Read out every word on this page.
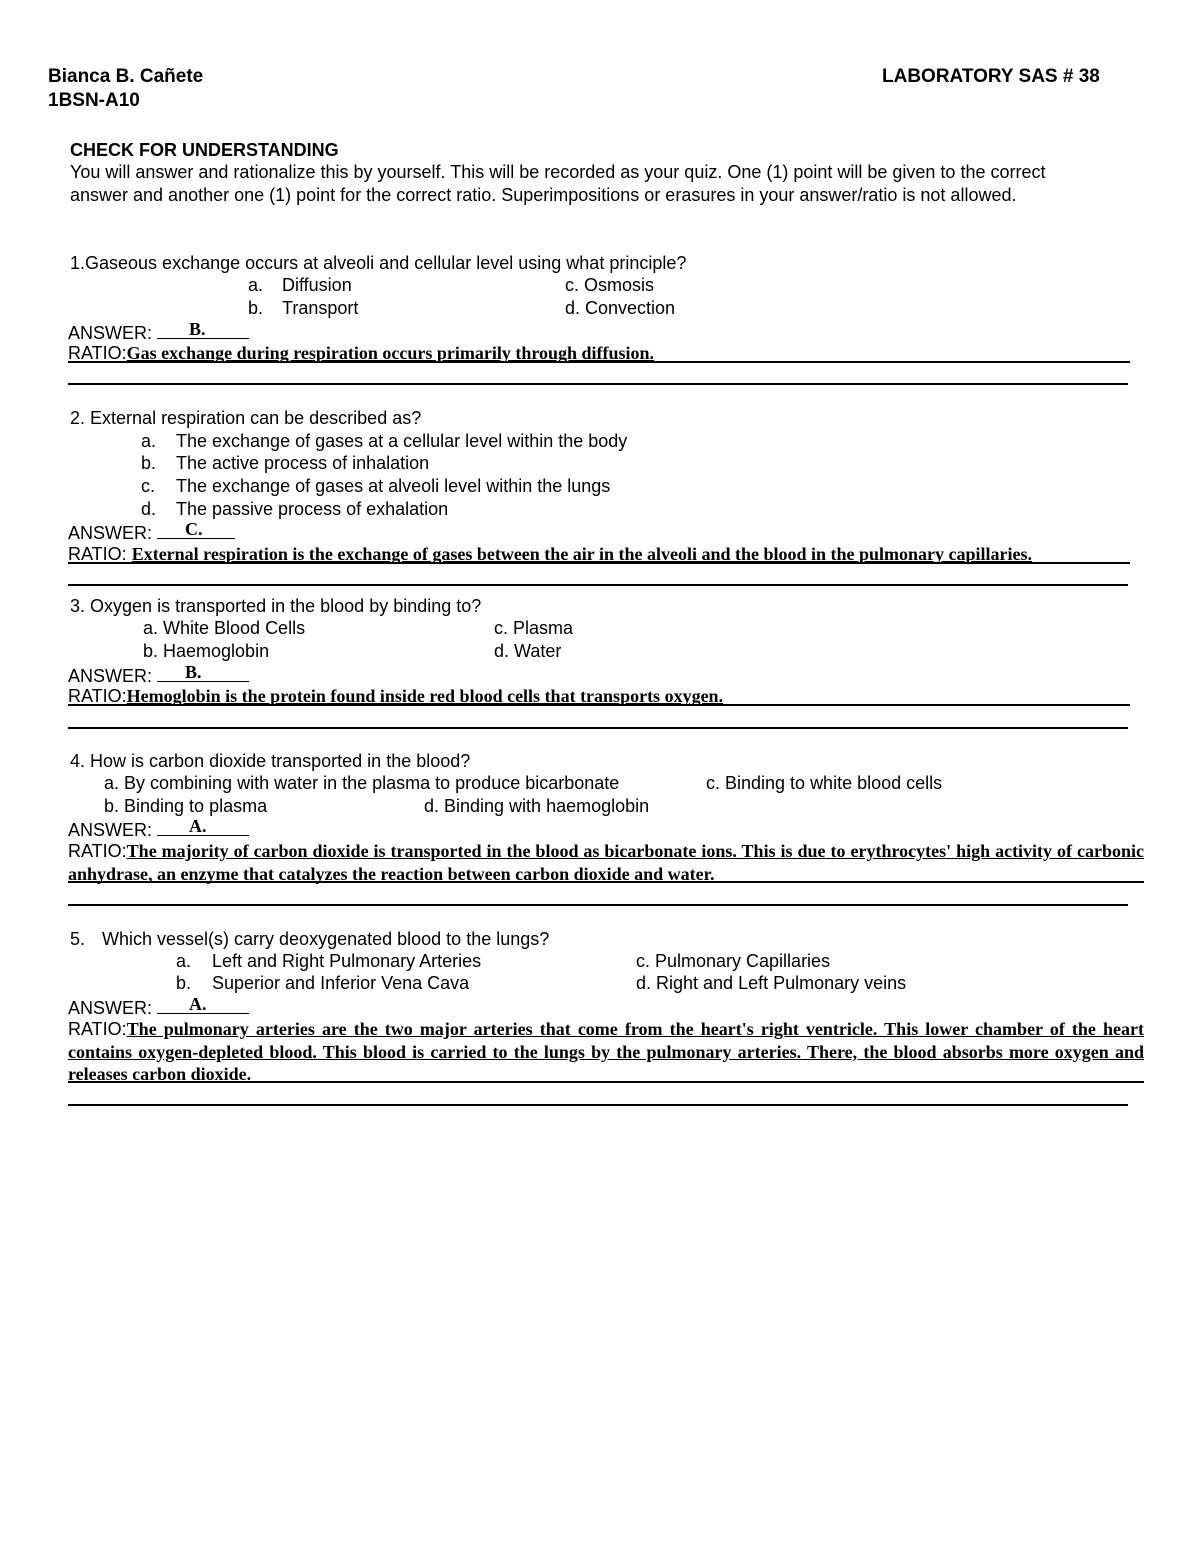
Bianca B. Cañete
1BSN-A10
LABORATORY SAS # 38
CHECK FOR UNDERSTANDING
You will answer and rationalize this by yourself. This will be recorded as your quiz. One (1) point will be given to the correct answer and another one (1) point for the correct ratio. Superimpositions or erasures in your answer/ratio is not allowed.
1.Gaseous exchange occurs at alveoli and cellular level using what principle?
a. Diffusion
b. Transport
c. Osmosis
d. Convection
ANSWER: B.
RATIO:Gas exchange during respiration occurs primarily through diffusion.
2. External respiration can be described as?
a. The exchange of gases at a cellular level within the body
b. The active process of inhalation
c. The exchange of gases at alveoli level within the lungs
d. The passive process of exhalation
ANSWER: C.
RATIO: External respiration is the exchange of gases between the air in the alveoli and the blood in the pulmonary capillaries.
3. Oxygen is transported in the blood by binding to?
a. White Blood Cells
b. Haemoglobin
c. Plasma
d. Water
ANSWER: B.
RATIO:Hemoglobin is the protein found inside red blood cells that transports oxygen.
4. How is carbon dioxide transported in the blood?
a. By combining with water in the plasma to produce bicarbonate
b. Binding to plasma
c. Binding to white blood cells
d. Binding with haemoglobin
ANSWER: A.
RATIO:The majority of carbon dioxide is transported in the blood as bicarbonate ions. This is due to erythrocytes' high activity of carbonic anhydrase, an enzyme that catalyzes the reaction between carbon dioxide and water.
5. Which vessel(s) carry deoxygenated blood to the lungs?
a. Left and Right Pulmonary Arteries
b. Superior and Inferior Vena Cava
c. Pulmonary Capillaries
d. Right and Left Pulmonary veins
ANSWER: A.
RATIO:The pulmonary arteries are the two major arteries that come from the heart's right ventricle. This lower chamber of the heart contains oxygen-depleted blood. This blood is carried to the lungs by the pulmonary arteries. There, the blood absorbs more oxygen and releases carbon dioxide.
